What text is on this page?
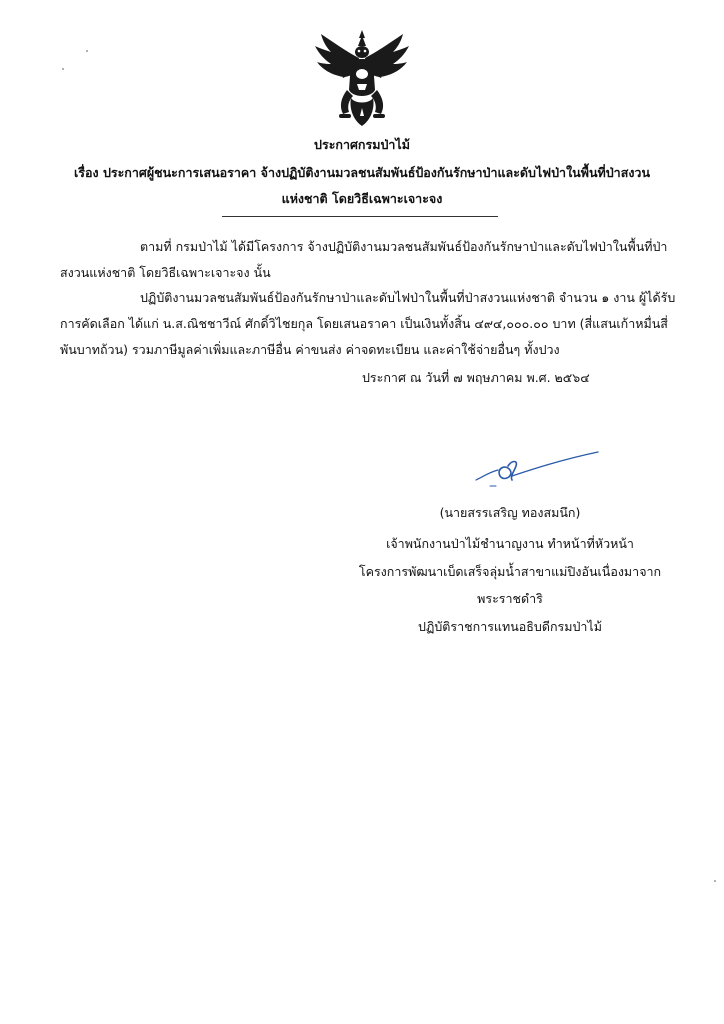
ประกาศกรมป่าไม้
เรื่อง ประกาศผู้ชนะการเสนอราคา จ้างปฏิบัติงานมวลชนสัมพันธ์ป้องกันรักษาป่าและดับไฟป่าในพื้นที่ป่าสงวน
แห่งชาติ โดยวิธีเฉพาะเจาะจง
ตามที่ กรมป่าไม้ ได้มีโครงการ จ้างปฏิบัติงานมวลชนสัมพันธ์ป้องกันรักษาป่าและดับไฟป่าในพื้นที่ป่า
สงวนแห่งชาติ โดยวิธีเฉพาะเจาะจง นั้น
ปฏิบัติงานมวลชนสัมพันธ์ป้องกันรักษาป่าและดับไฟป่าในพื้นที่ป่าสงวนแห่งชาติ จำนวน ๑ งาน ผู้ได้รับ
การคัดเลือก ได้แก่ น.ส.ณิชชาวีณ์ ศักดิ์วิไชยกุล โดยเสนอราคา เป็นเงินทั้งสิ้น ๔๙๔,๐๐๐.๐๐ บาท (สี่แสนเก้าหมื่นสี่
พันบาทถ้วน) รวมภาษีมูลค่าเพิ่มและภาษีอื่น ค่าขนส่ง ค่าจดทะเบียน และค่าใช้จ่ายอื่นๆ ทั้งปวง
ประกาศ ณ วันที่ ๗ พฤษภาคม พ.ศ. ๒๕๖๔
(นายสรรเสริญ ทองสมนึก)
เจ้าพนักงานป่าไม้ชำนาญงาน ทำหน้าที่หัวหน้า
โครงการพัฒนาเบ็ดเสร็จลุ่มน้ำสาขาแม่ปิงอันเนื่องมาจาก
พระราชดำริ
ปฏิบัติราชการแทนอธิบดีกรมป่าไม้
